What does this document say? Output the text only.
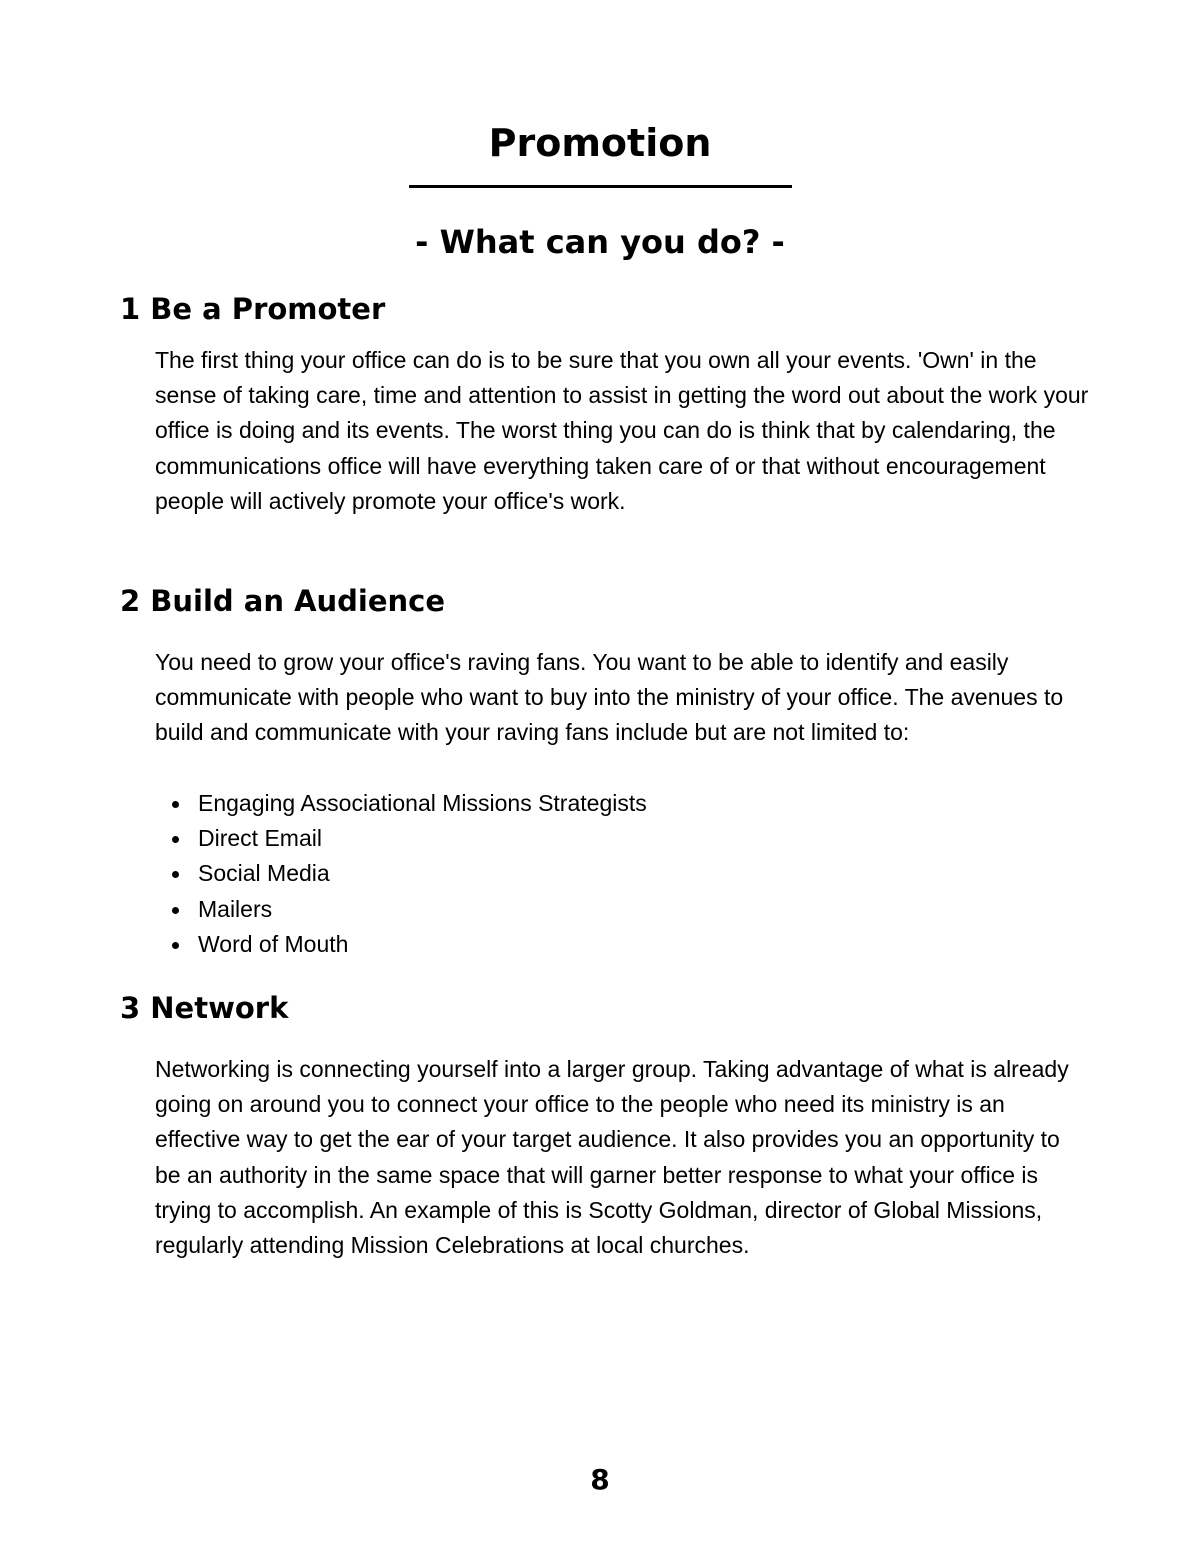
Promotion
- What can you do? -
1 Be a Promoter

The first thing your office can do is to be sure that you own all your events. 'Own' in the sense of taking care, time and attention to assist in getting the word out about the work your office is doing and its events. The worst thing you can do is think that by calendaring, the communications office will have everything taken care of or that without encouragement people will actively promote your office's work.

2 Build an Audience

You need to grow your office's raving fans. You want to be able to identify and easily communicate with people who want to buy into the ministry of your office. The avenues to build and communicate with your raving fans include but are not limited to:

Engaging Associational Missions Strategists
Direct Email
Social Media
Mailers
Word of Mouth
3 Network

Networking is connecting yourself into a larger group. Taking advantage of what is already going on around you to connect your office to the people who need its ministry is an effective way to get the ear of your target audience. It also provides you an opportunity to be an authority in the same space that will garner better response to what your office is trying to accomplish. An example of this is Scotty Goldman, director of Global Missions, regularly attending Mission Celebrations at local churches.

8
